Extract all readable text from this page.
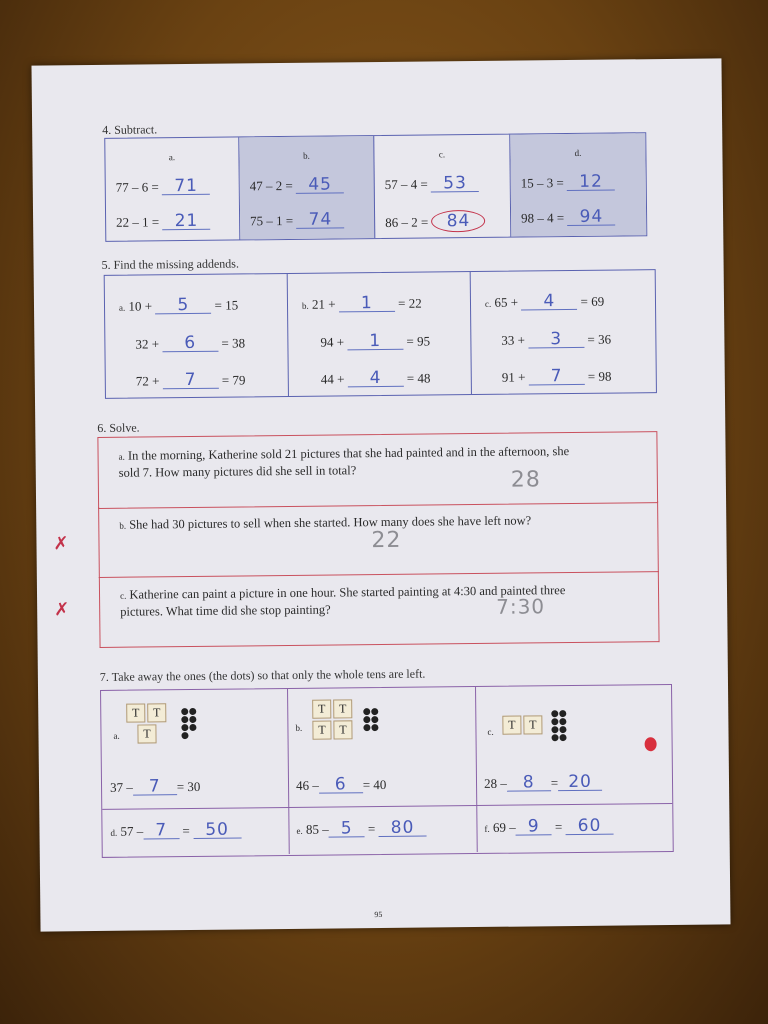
4. Subtract.
a.
77 – 6 = 71
22 – 1 = 21
b.
47 – 2 = 45
75 – 1 = 74
c.
57 – 4 = 53
86 – 2 = 84
d.
15 – 3 = 12
98 – 4 = 94
5. Find the missing addends.
a. 10 + 5 = 15
32 + 6 = 38
72 + 7 = 79
b. 21 + 1 = 22
94 + 1 = 95
44 + 4 = 48
c. 65 + 4 = 69
33 + 3 = 36
91 + 7 = 98
6. Solve.
a. In the morning, Katherine sold 21 pictures that she had painted and in the afternoon, she sold 7. How many pictures did she sell in total?	28
✗
b. She had 30 pictures to sell when she started. How many does she have left now?
22
✗
c. Katherine can paint a picture in one hour. She started painting at 4:30 and painted three pictures. What time did she stop painting?	7:30
7. Take away the ones (the dots) so that only the whole tens are left.
a.
T T
T
37 – 7 = 30
b.
T T
T T
46 – 6 = 40
c.
T T
28 – 8 = 20
d. 57 – 7 = 50	e. 85 – 5 = 80	f. 69 – 9 = 60
95
